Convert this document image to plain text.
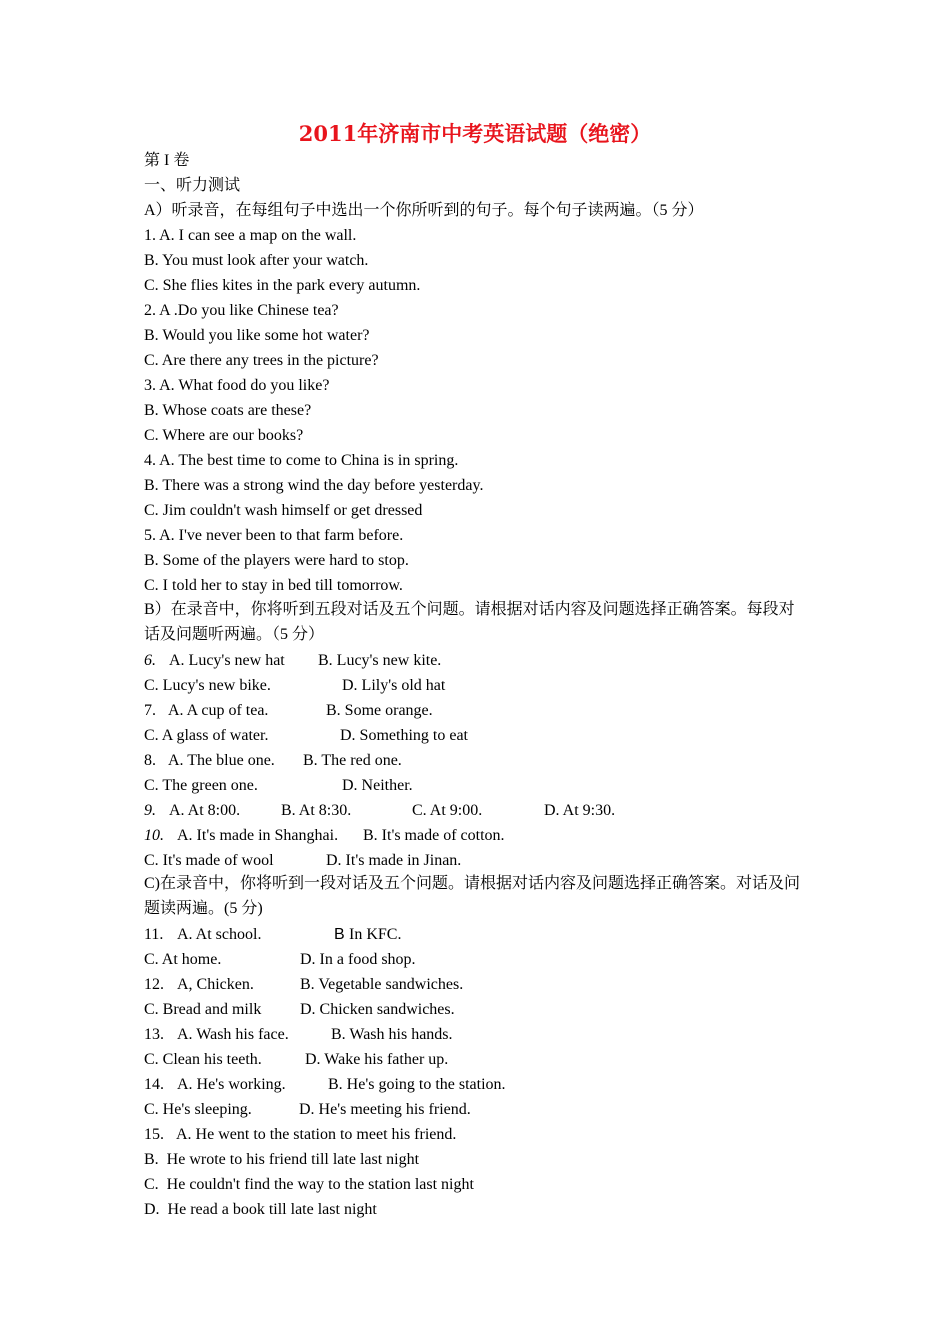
2011年济南市中考英语试题（绝密）
第 I 卷
一、听力测试
A）听录音，在每组句子中选出一个你所听到的句子。每个句子读两遍。（5 分）
1. A. I can see a map on the wall.
B. You must look after your watch.
C. She flies kites in the park every autumn.
2. A .Do you like Chinese tea?
B. Would you like some hot water?
C. Are there any trees in the picture?
3. A. What food do you like?
B. Whose coats are these?
C. Where are our books?
4. A. The best time to come to China is in spring.
B. There was a strong wind the day before yesterday.
C. Jim couldn't wash himself or get dressed
5. A. I've never been to that farm before.
B. Some of the players were hard to stop.
C. I told her to stay in bed till tomorrow.
B）在录音中，你将听到五段对话及五个问题。请根据对话内容及问题选择正确答案。每段对话及问题听两遍。（5 分）

6.

A. Lucy's new hat

B. Lucy's new kite.

C. Lucy's new bike.

	D. Lily's old hat

7.

A. A cup of tea.

	B. Some orange.

C. A glass of water.

	D. Something to eat

8.

A. The blue one.

B. The red one.

C. The green one.

	D. Neither.

9.

A. At 8:00.

	B. At 8:30.

	C. At 9:00.

	D. At 9:30.

10.

A. It's made in Shanghai.

B. It's made of cotton.

C. It's made of wool

	D. It's made in Jinan.

C)在录音中，你将听到一段对话及五个问题。请根据对话内容及问题选择正确答案。对话及问题读两遍。(5 分)

11.

A. At school.

	B

In KFC.

C. At home.

	D. In a food shop.

12.

A, Chicken.

	B. Vegetable sandwiches.

C. Bread and milk

D. Chicken sandwiches.

13.

A. Wash his face.

	B. Wash his hands.

C. Clean his teeth.

	D. Wake his father up.

14.

A. He's working.

	B. He's going to the station.

C. He's sleeping.

	D. He's meeting his friend.

15.

A. He went to the station to meet his friend.

B.  He wrote to his friend till late last night
C.  He couldn't find the way to the station last night
D.  He read a book till late last night
